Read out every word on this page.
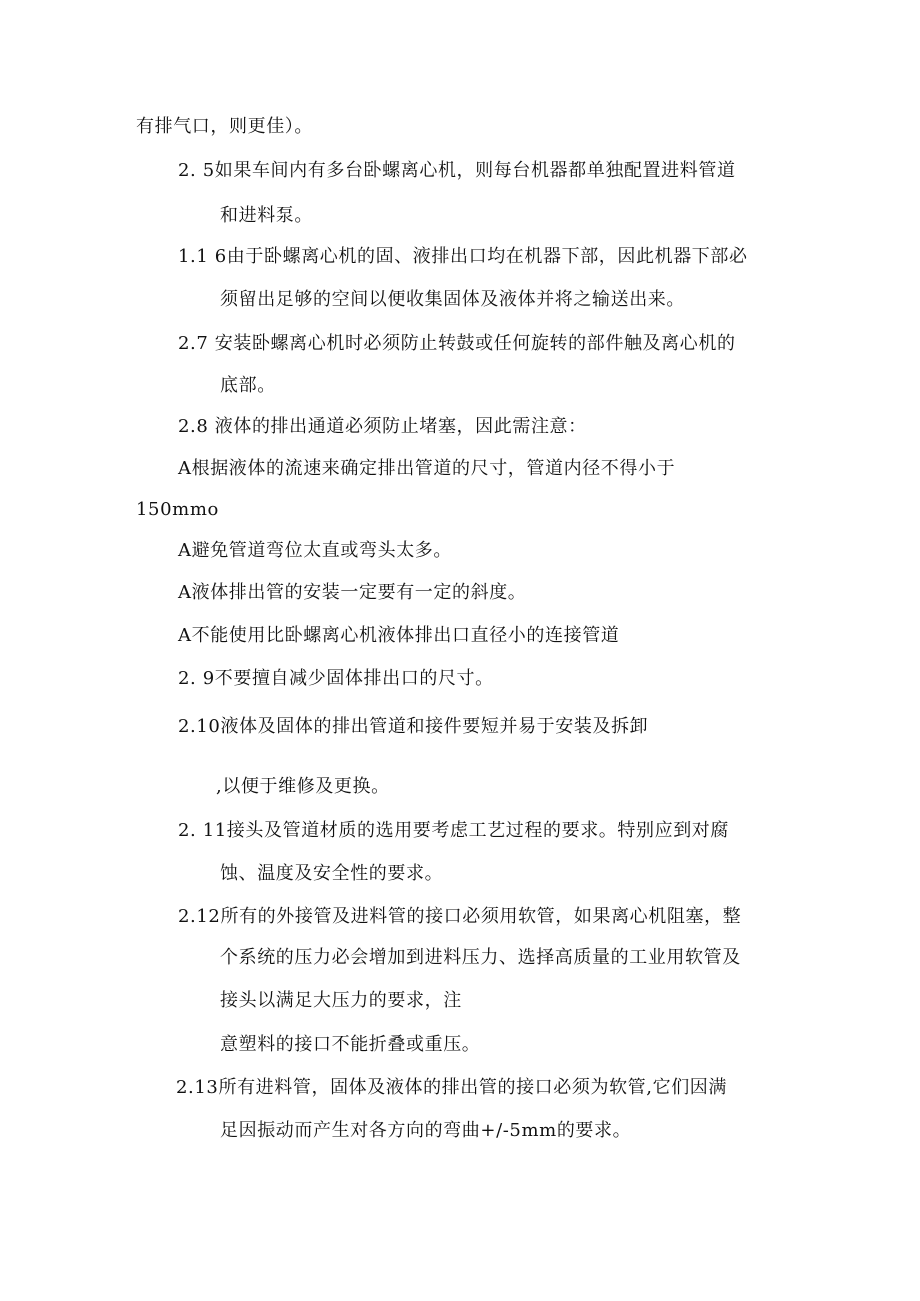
有排气口，则更佳）。
2. 5如果车间内有多台卧螺离心机，则每台机器都单独配置进料管道
和进料泵。
1.1 6由于卧螺离心机的固、液排出口均在机器下部，因此机器下部必
须留出足够的空间以便收集固体及液体并将之输送出来。
2.7 安装卧螺离心机时必须防止转鼓或任何旋转的部件触及离心机的
底部。
2.8 液体的排出通道必须防止堵塞，因此需注意：
A根据液体的流速来确定排出管道的尺寸，管道内径不得小于
150mmo
A避免管道弯位太直或弯头太多。
A液体排出管的安装一定要有一定的斜度。
A不能使用比卧螺离心机液体排出口直径小的连接管道
2. 9不要擅自减少固体排出口的尺寸。
2.10液体及固体的排出管道和接件要短并易于安装及拆卸
,以便于维修及更换。
2. 11接头及管道材质的选用要考虑工艺过程的要求。特别应到对腐
蚀、温度及安全性的要求。
2.12所有的外接管及进料管的接口必须用软管，如果离心机阻塞，整
个系统的压力必会增加到进料压力、选择高质量的工业用软管及
接头以满足大压力的要求，注
意塑料的接口不能折叠或重压。
2.13所有进料管，固体及液体的排出管的接口必须为软管,它们因满
足因振动而产生对各方向的弯曲+/-5mm的要求。
